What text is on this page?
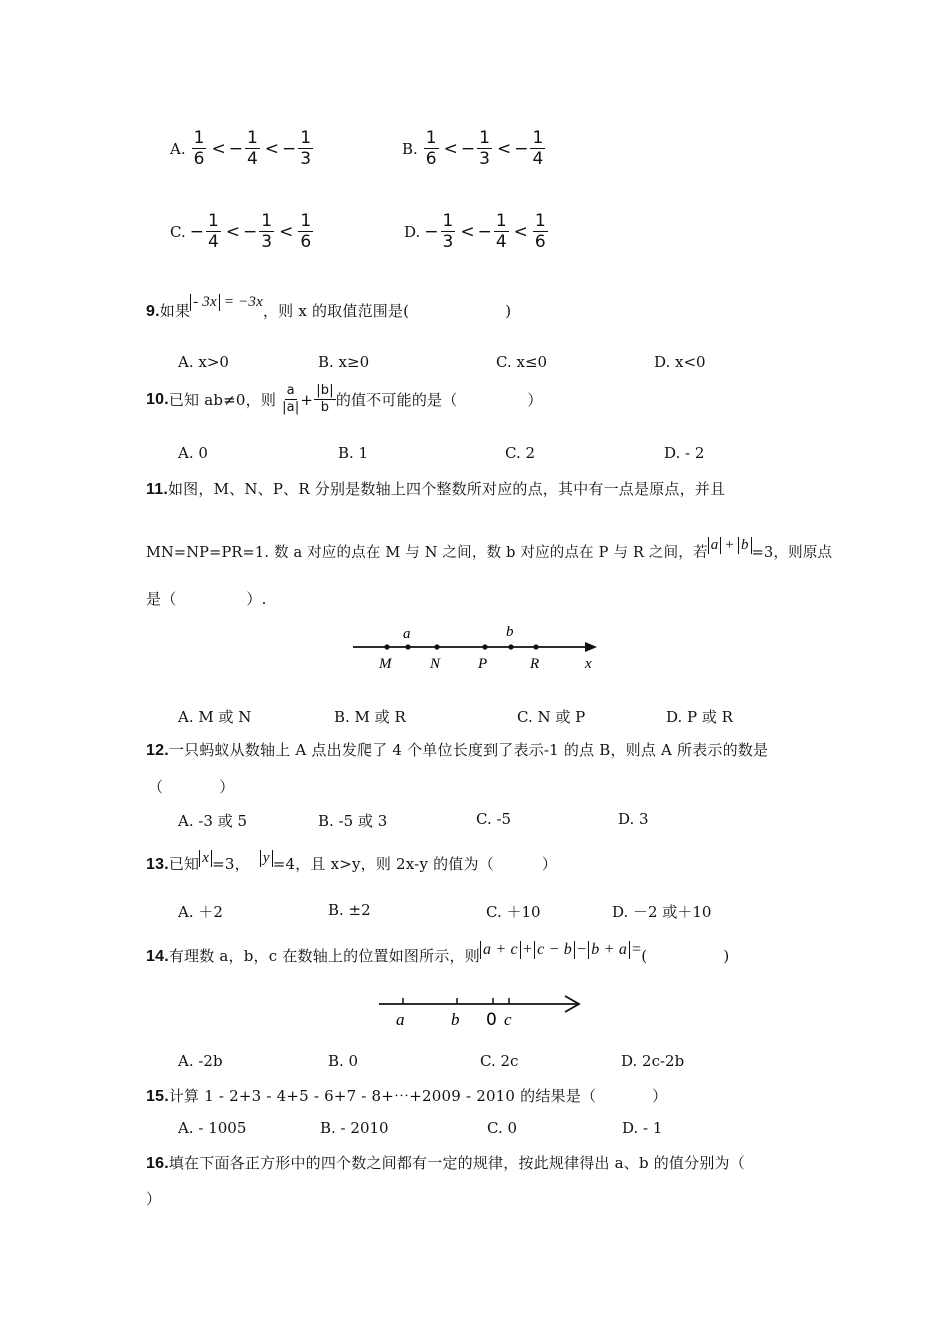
A. $\frac{1}{6}$ < − $\frac{1}{4}$ < − $\frac{1}{3}$	B. $\frac{1}{6}$ < − $\frac{1}{3}$ < − $\frac{1}{4}$
C. − $\frac{1}{4}$ < − $\frac{1}{3} < \frac{1}{6}$	D. − $\frac{1}{3}$ < − $\frac{1}{4} < \frac{1}{6}$
9.如果 - 3x = −3x，则 x 的取值范围是(	)
A. x>0	B. x≥0	C. x≤0	D. x<0
10. 已知 ab≠0，则 $\frac{a}{|a|} + \frac{|b|}{b}$ 的值不可能的是（	）
A. 0	B. 1	C. 2	D. - 2
11.如图，M、N、P、R 分别是数轴上四个整数所对应的点，其中有一点是原点，并且
MN=NP=PR=1. 数 a 对应的点在 M 与 N 之间，数 b 对应的点在 P 与 R 之间，若 a + b =3，则原点
是（	）.
a	b
M	N	P	R	x
A. M 或 N	B. M 或 R	C. N 或 P	D. P 或 R
12.一只蚂蚁从数轴上 A 点出发爬了 4 个单位长度到了表示-1 的点 B，则点 A 所表示的数是
（	）
A. -3 或 5	B. -5 或 3	C. -5	D. 3
13.已知 x =3， y =4，且 x>y，则 2x-y 的值为（	）
A. ＋2	B. ±2	C. ＋10	D. －2 或＋10
14.有理数 a，b，c 在数轴上的位置如图所示，则 a + c + c − b − b + a =(	)
a	b 0 c
A. -2b	B. 0	C. 2c	D. 2c-2b
15.计算 1 - 2+3 - 4+5 - 6+7 - 8+⋯+2009 - 2010 的结果是（	）
A. - 1005	B. - 2010	C. 0	D. - 1
16.填在下面各正方形中的四个数之间都有一定的规律，按此规律得出 a、b 的值分别为（
）
